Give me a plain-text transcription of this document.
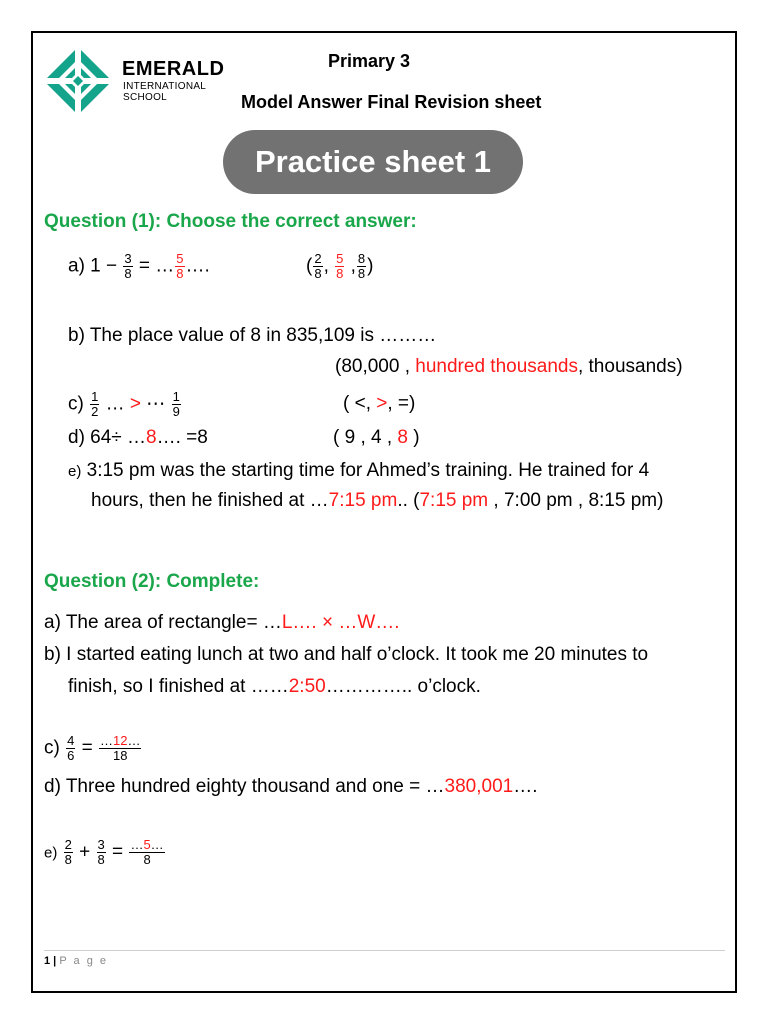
EMERALD
INTERNATIONAL
SCHOOL
Primary 3
Model Answer Final Revision sheet
Practice sheet 1
Question (1): Choose the correct answer:
a) $1 - \frac{3}{8}$ = … $\frac{5}{8}$ ….	( $\frac{2}{8}$ , $\frac{5}{8}$ , $\frac{8}{8}$ )
b) The place value of 8 in 835,109 is ………
(80,000 , hundred thousands, thousands)
$c) \frac{1}{2}$ … > ⋯ $\frac{1}{9}$	( <, >, =)
d) 64÷ …8…. =8	( 9 , 4 , 8 )
e) 3:15 pm was the starting time for Ahmed’s training. He trained for 4
hours, then he finished at …7:15 pm.. (7:15 pm , 7:00 pm , 8:15 pm)
Question (2): Complete:
a) The area of rectangle= …L…. × …W….
b) I started eating lunch at two and half o’clock. It took me 20 minutes to
finish, so I finished at ……2:50………….. o’clock.
$c) \frac{4}{6} = \frac{\dots 12\dots}{18}$
d) Three hundred eighty thousand and one = …380,001….
$e) \frac{2}{8} + \frac{3}{8} = \frac{\dots 5\dots}{8}$
1 | P a g e
